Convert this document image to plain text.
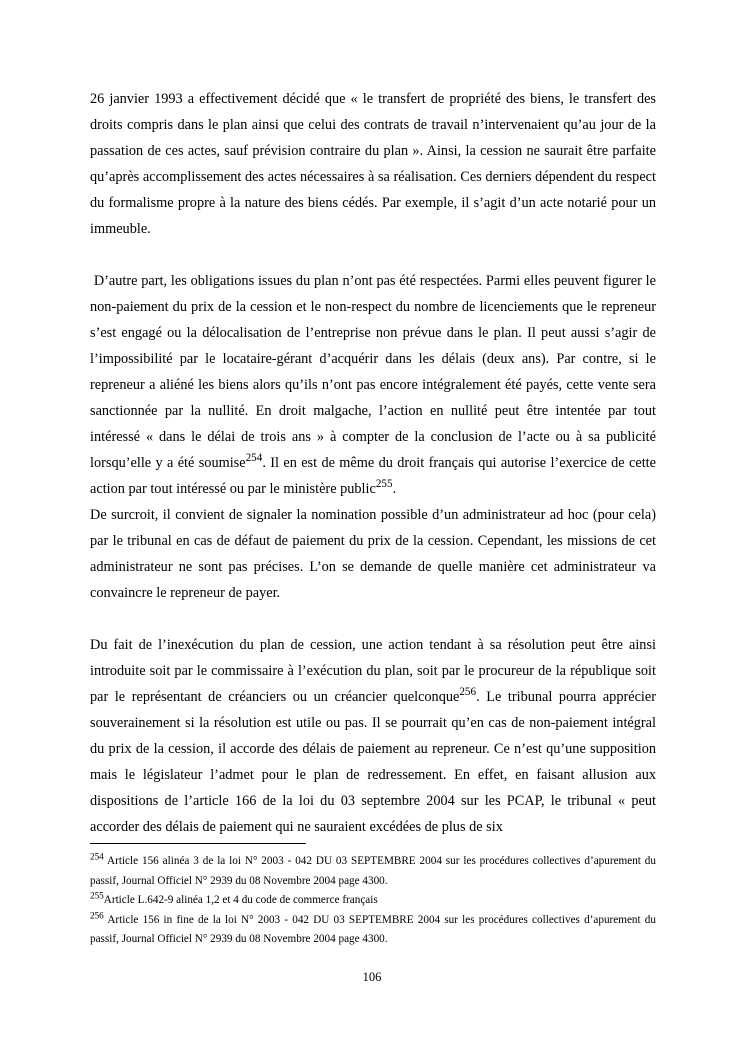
26 janvier 1993 a effectivement décidé que « le transfert de propriété des biens, le transfert des droits compris dans le plan ainsi que celui des contrats de travail n’intervenaient qu’au jour de la passation de ces actes, sauf prévision contraire du plan ». Ainsi, la cession ne saurait être parfaite qu’après accomplissement des actes nécessaires à sa réalisation. Ces derniers dépendent du respect du formalisme propre à la nature des biens cédés. Par exemple, il s’agit d’un acte notarié pour un immeuble.

D’autre part, les obligations issues du plan n’ont pas été respectées. Parmi elles peuvent figurer le non-paiement du prix de la cession et le non-respect du nombre de licenciements que le repreneur s’est engagé ou la délocalisation de l’entreprise non prévue dans le plan. Il peut aussi s’agir de l’impossibilité par le locataire-gérant d’acquérir dans les délais (deux ans). Par contre, si le repreneur a aliéné les biens alors qu’ils n’ont pas encore intégralement été payés, cette vente sera sanctionnée par la nullité. En droit malgache, l’action en nullité peut être intentée par tout intéressé « dans le délai de trois ans » à compter de la conclusion de l’acte ou à sa publicité lorsqu’elle y a été soumise$^{254}$. Il en est de même du droit français qui autorise l’exercice de cette action par tout intéressé ou par le ministère public$^{255}$.

De surcroit, il convient de signaler la nomination possible d’un administrateur ad hoc (pour cela) par le tribunal en cas de défaut de paiement du prix de la cession. Cependant, les missions de cet administrateur ne sont pas précises. L’on se demande de quelle manière cet administrateur va convaincre le repreneur de payer.

Du fait de l’inexécution du plan de cession, une action tendant à sa résolution peut être ainsi introduite soit par le commissaire à l’exécution du plan, soit par le procureur de la république soit par le représentant de créanciers ou un créancier quelconque$^{256}$. Le tribunal pourra apprécier souverainement si la résolution est utile ou pas. Il se pourrait qu’en cas de non-paiement intégral du prix de la cession, il accorde des délais de paiement au repreneur. Ce n’est qu’une supposition mais le législateur l’admet pour le plan de redressement. En effet, en faisant allusion aux dispositions de l’article 166 de la loi du 03 septembre 2004 sur les PCAP, le tribunal « peut accorder des délais de paiement qui ne sauraient excédées de plus de six

$^{254}$ Article 156 alinéa 3 de la loi N° 2003 - 042 DU 03 SEPTEMBRE 2004 sur les procédures collectives d’apurement du passif, Journal Officiel N° 2939 du 08 Novembre 2004 page 4300.

$^{255}$Article L.642-9 alinéa 1,2 et 4 du code de commerce français

$^{256}$ Article 156 in fine de la loi N° 2003 - 042 DU 03 SEPTEMBRE 2004 sur les procédures collectives d’apurement du passif, Journal Officiel N° 2939 du 08 Novembre 2004 page 4300.

106
